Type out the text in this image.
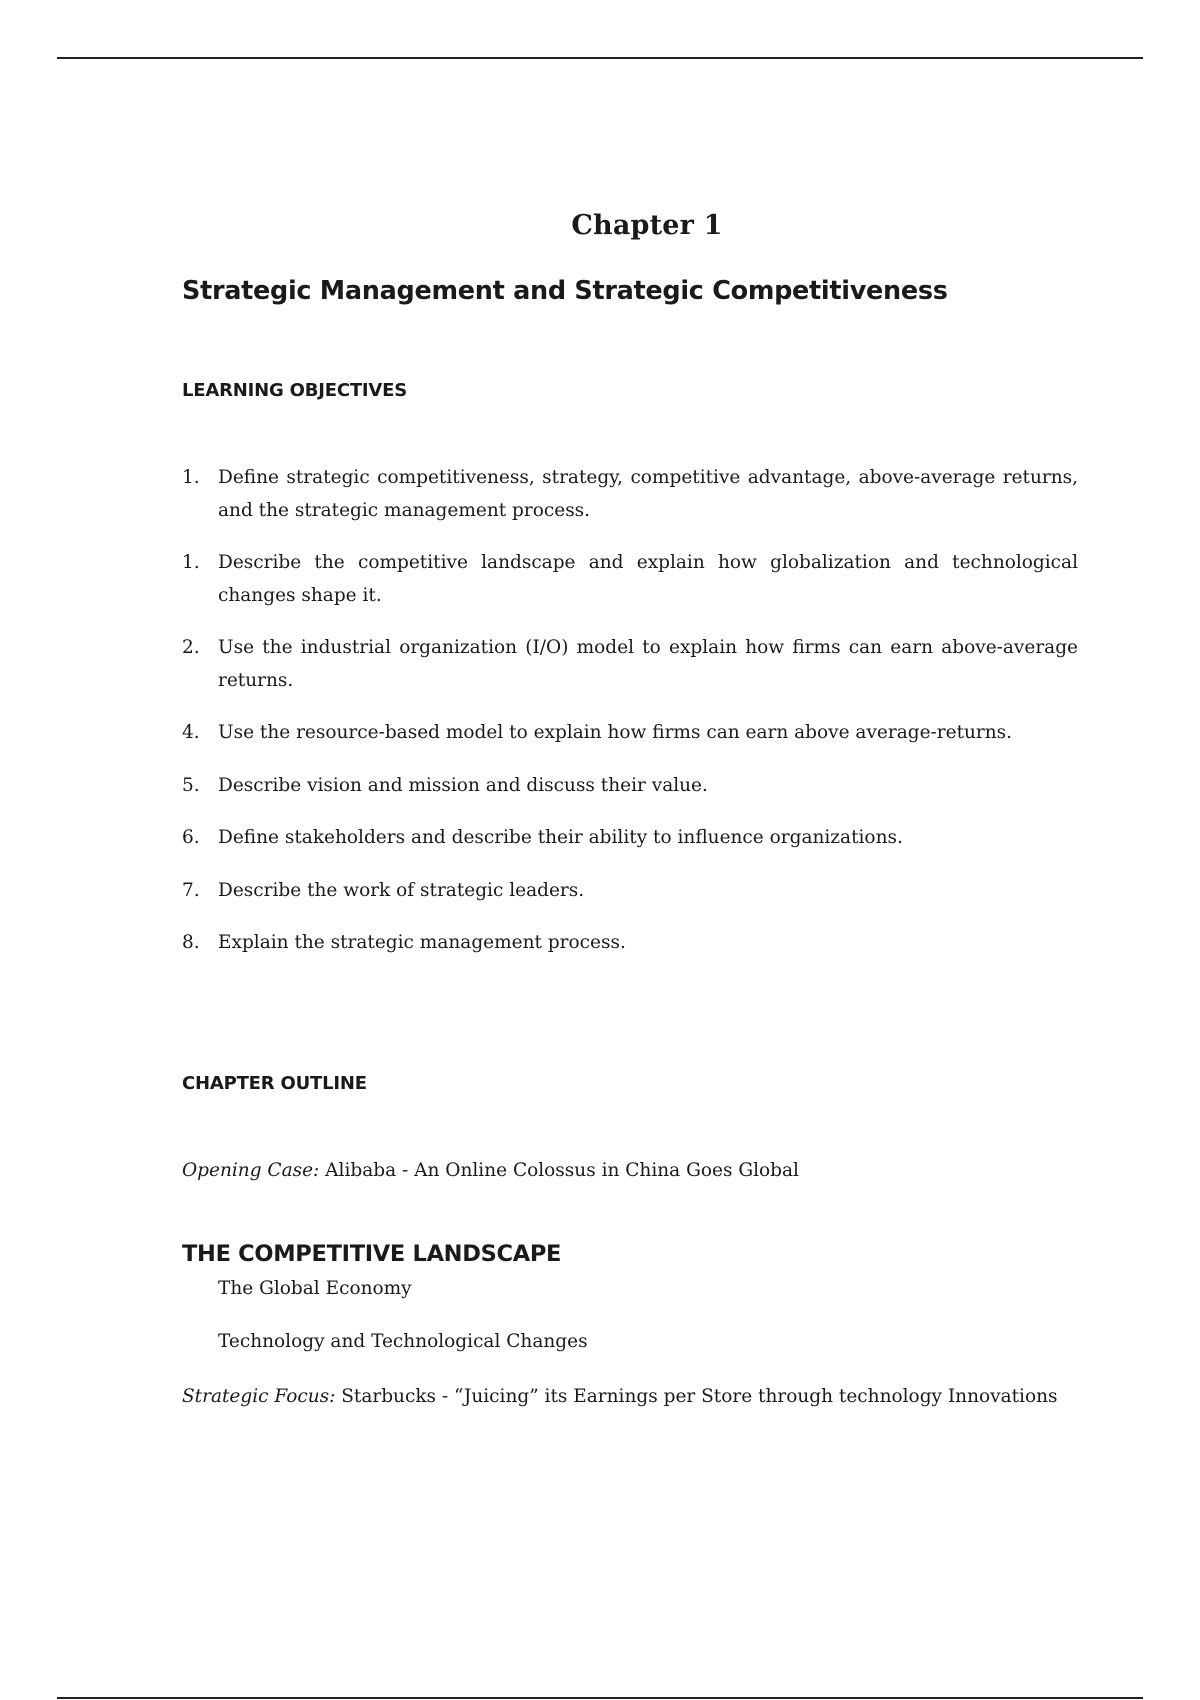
Chapter 1
Strategic Management and Strategic Competitiveness
LEARNING OBJECTIVES
1. Define strategic competitiveness, strategy, competitive advantage, above-average returns, and the strategic management process.
1. Describe the competitive landscape and explain how globalization and technological changes shape it.
2. Use the industrial organization (I/O) model to explain how firms can earn above-average returns.
4. Use the resource-based model to explain how firms can earn above average-returns.
5. Describe vision and mission and discuss their value.
6. Define stakeholders and describe their ability to influence organizations.
7. Describe the work of strategic leaders.
8. Explain the strategic management process.
CHAPTER OUTLINE
Opening Case: Alibaba - An Online Colossus in China Goes Global
THE COMPETITIVE LANDSCAPE
The Global Economy
Technology and Technological Changes
Strategic Focus: Starbucks - “Juicing” its Earnings per Store through technology Innovations
